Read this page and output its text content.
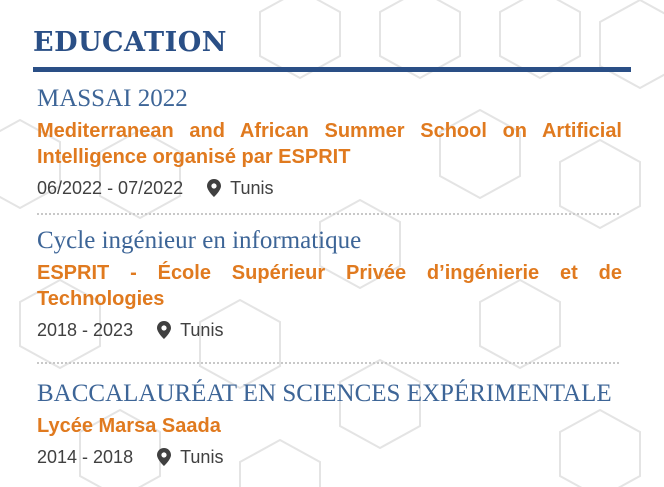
EDUCATION
MASSAI 2022
Mediterranean and African Summer School on Artificial Intelligence organisé par ESPRIT
06/2022 - 07/2022	Tunis
Cycle ingénieur en informatique
ESPRIT - École Supérieur Privée d’ingénierie et de Technologies
2018 - 2023	Tunis
BACCALAURÉAT EN SCIENCES EXPÉRIMENTALE
Lycée Marsa Saada
2014 - 2018	Tunis
